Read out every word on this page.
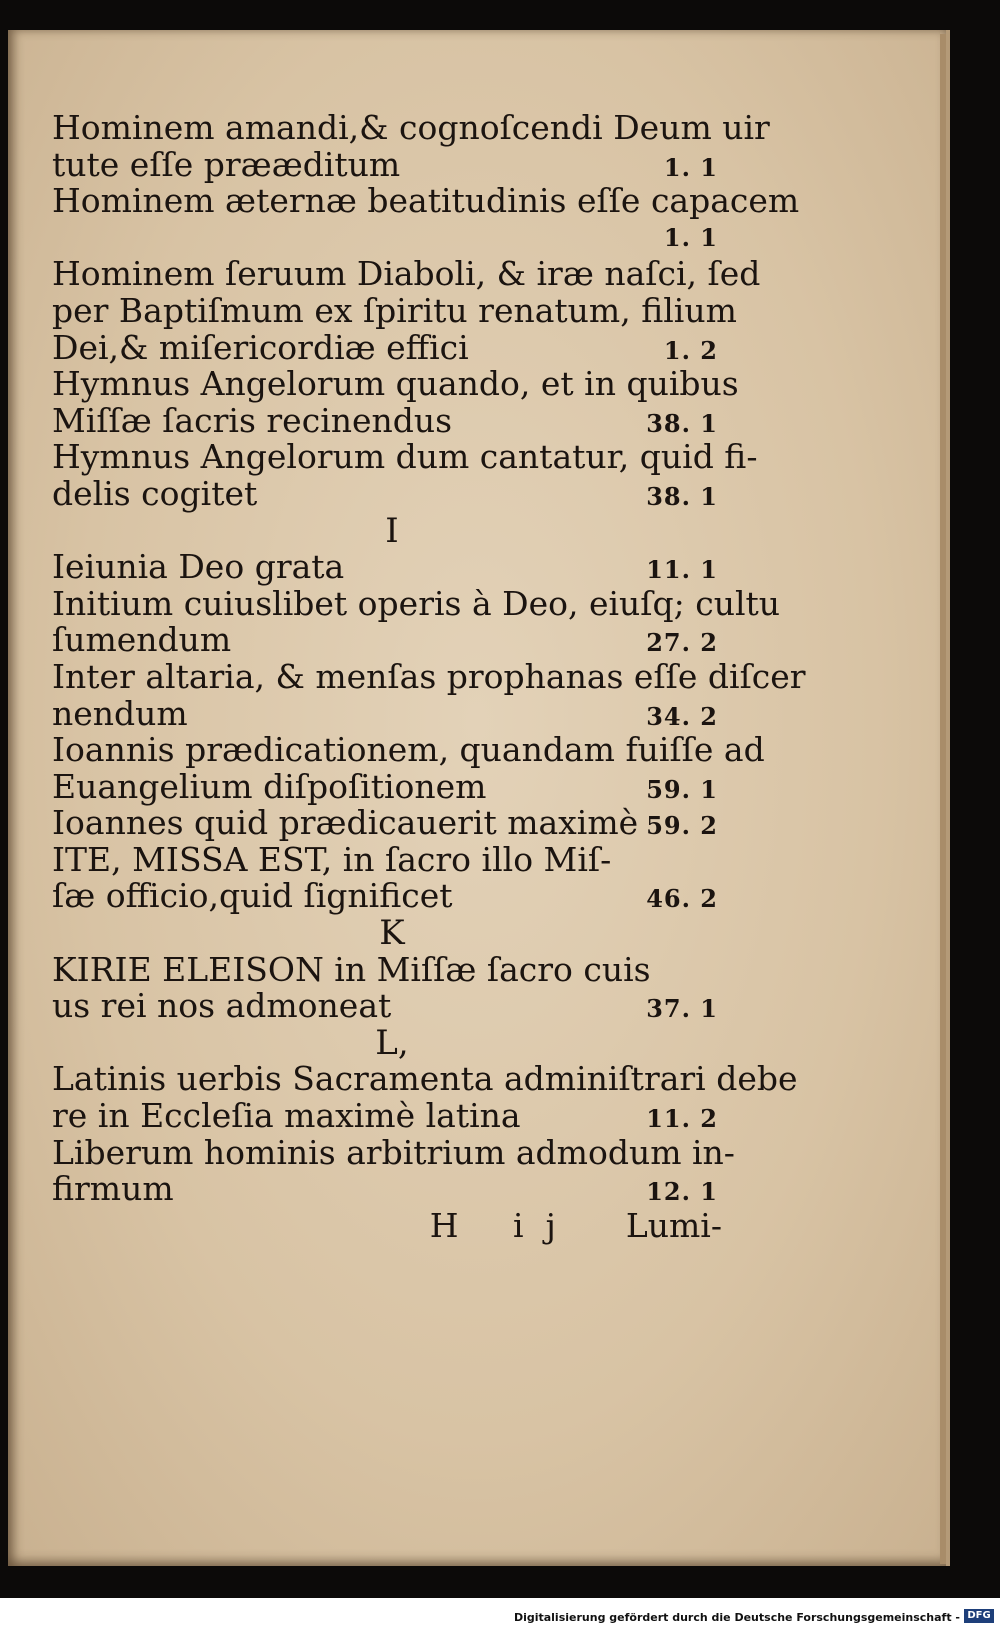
Hominem amandi,& cognoſcendi Deum uir
tute eſſe prææditum	1. 1
Hominem æternæ beatitudinis eſſe capacem
1. 1
Hominem ſeruum Diaboli, & iræ naſci, ſed
per Baptiſmum ex ſpiritu renatum, filium
Dei,& miſericordiæ effici	1. 2
Hymnus Angelorum quando, et in quibus
Miſſæ ſacris recinendus	38. 1
Hymnus Angelorum dum cantatur, quid fi-
delis cogitet	38. 1
I
Ieiunia Deo grata	11. 1
Initium cuiuslibet operis à Deo, eiuſq; cultu
ſumendum	27. 2
Inter altaria, & menſas prophanas eſſe diſcer
nendum	34. 2
Ioannis prædicationem, quandam fuiſſe ad
Euangelium diſpoſitionem	59. 1
Ioannes quid prædicauerit maximè 59. 2
ITE, MISSA EST, in ſacro illo Miſ-
ſæ officio,quid ſignificet	46. 2
K
KIRIE ELEISON in Miſſæ ſacro cuis
us rei nos admoneat	37. 1
L,
Latinis uerbis Sacramenta adminiſtrari debe
re in Eccleſia maximè latina	11. 2
Liberum hominis arbitrium admodum in-
firmum	12. 1
H ij Lumi-
Digitalisierung gefördert durch die Deutsche Forschungsgemeinschaft - DFG
